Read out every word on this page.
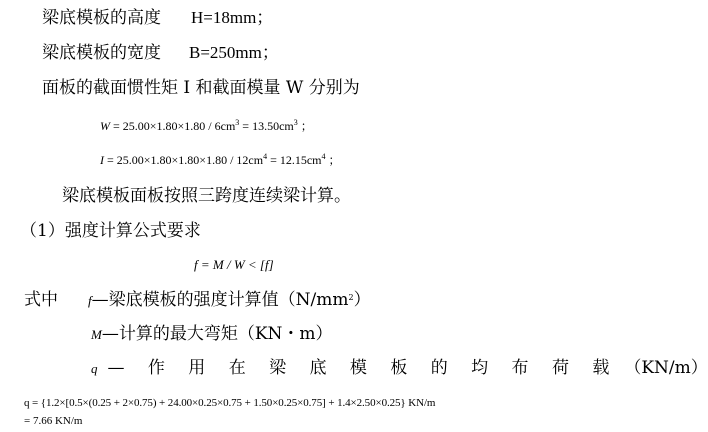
梁底模板的高度 H=18mm；
梁底模板的宽度 B=250mm；
面板的截面惯性矩 I 和截面模量 W 分别为
$W = 25.00\times 1.80\times 1.80 / 6cm^3 = 13.50cm^3$ ；
$I = 25.00\times 1.80\times 1.80\times 1.80 / 12cm^4 = 12.15cm^4$ ；
梁底模板面板按照三跨度连续梁计算。
（1）强度计算公式要求
f = M / W < [f]
式中 f—梁底模板的强度计算值$(N/mm^2)$
M—计算的最大弯矩（KN・m）
q — 作 用 在 梁 底 模 板 的 均 布 荷 载 （KN/m）
q = {1.2×[0.5×(0.25 + 2×0.75) + 24.00×0.25×0.75 + 1.50×0.25×0.75] + 1.4×2.50×0.25} KN/m
= 7.66 KN/m
